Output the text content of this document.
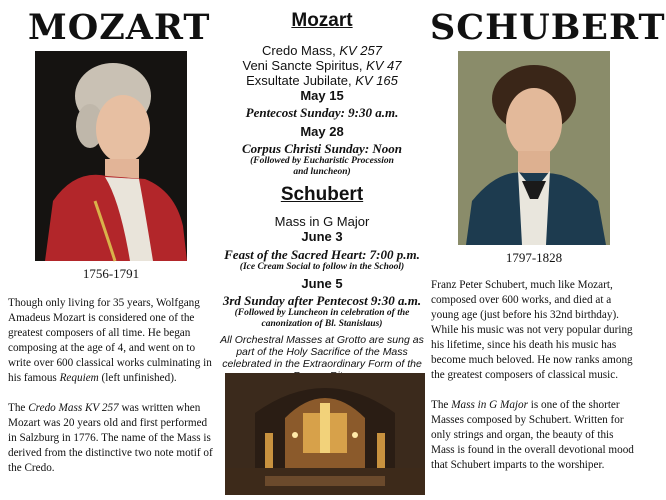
MOZART
1756-1791

Though only living for 35 years, Wolfgang Amadeus Mozart is considered one of the greatest composers of all time. He began composing at the age of 4, and went on to write over 600 classical works culminating in his famous Requiem (left unfinished).

The Credo Mass KV 257 was written when Mozart was 20 years old and first performed in Salzburg in 1776. The name of the Mass is derived from the distinctive two note motif of the Credo.

SCHUBERT
1797-1828

Franz Peter Schubert, much like Mozart, composed over 600 works, and died at a young age (just before his 32nd birthday). While his music was not very popular during his lifetime, since his death his music has become much beloved. He now ranks among the greatest composers of classical music.

The Mass in G Major is one of the shorter Masses composed by Schubert. Written for only strings and organ, the beauty of this Mass is found in the overall devotional mood that Schubert imparts to the worshiper.

Mozart
Credo Mass, KV 257
Veni Sancte Spiritus, KV 47
Exsultate Jubilate, KV 165
May 15
Pentecost Sunday: 9:30 a.m.
May 28
Corpus Christi Sunday: Noon
(Followed by Eucharistic Procession and luncheon)
Schubert
Mass in G Major
June 3
Feast of the Sacred Heart: 7:00 p.m.
(Ice Cream Social to follow in the School)
June 5
3rd Sunday after Pentecost 9:30 a.m.
(Followed by Luncheon in celebration of the canonization of Bl. Stanislaus)
All Orchestral Masses at Grotto are sung as part of the Holy Sacrifice of the Mass celebrated in the Extraordinary Form of the
